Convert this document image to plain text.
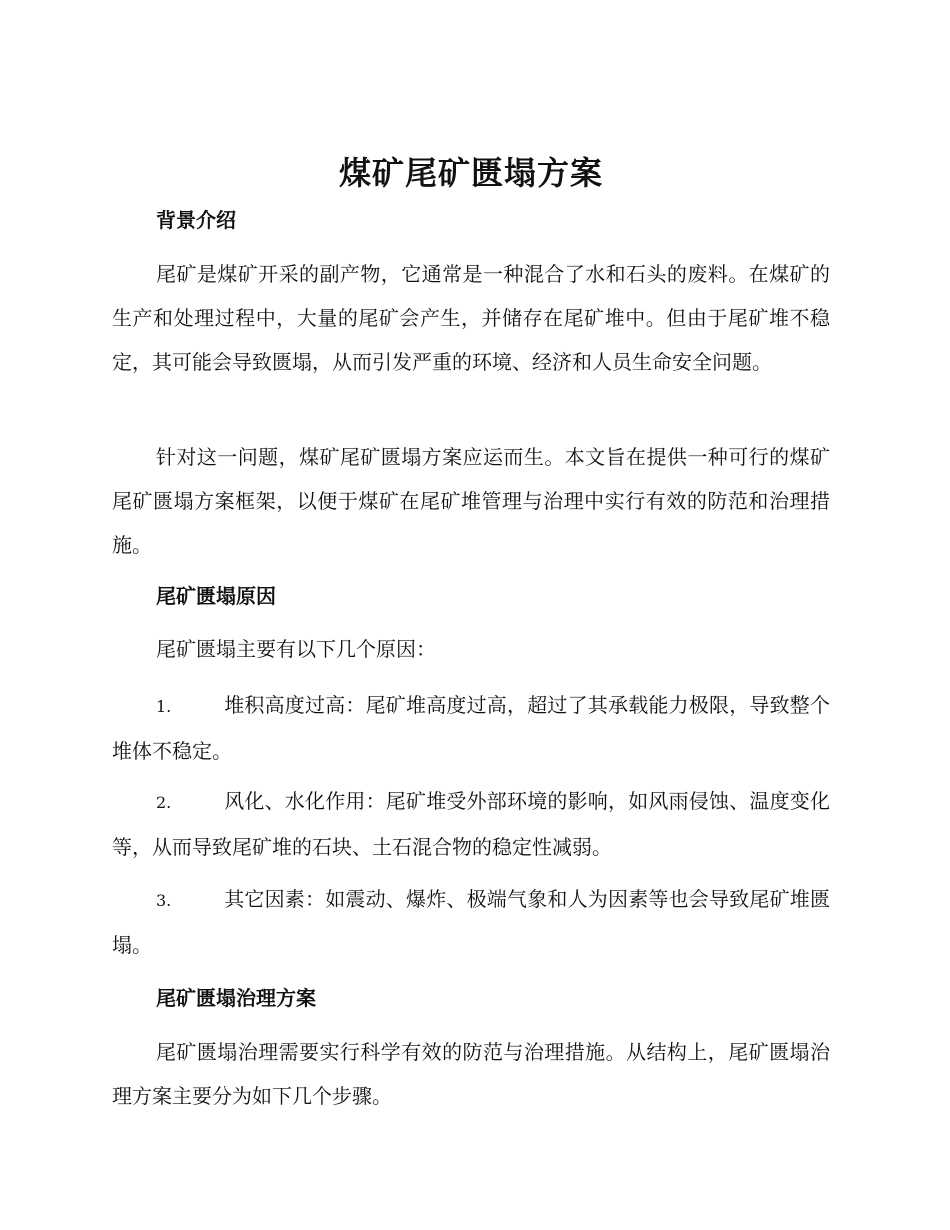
煤矿尾矿匮塌方案
背景介绍

尾矿是煤矿开采的副产物，它通常是一种混合了水和石头的废料。在煤矿的生产和处理过程中，大量的尾矿会产生，并储存在尾矿堆中。但由于尾矿堆不稳定，其可能会导致匮塌，从而引发严重的环境、经济和人员生命安全问题。

针对这一问题，煤矿尾矿匮塌方案应运而生。本文旨在提供一种可行的煤矿尾矿匮塌方案框架，以便于煤矿在尾矿堆管理与治理中实行有效的防范和治理措施。

尾矿匮塌原因

尾矿匮塌主要有以下几个原因：

1.	堆积高度过高：尾矿堆高度过高，超过了其承载能力极限，导致整个堆体不稳定。

2.	风化、水化作用：尾矿堆受外部环境的影响，如风雨侵蚀、温度变化等，从而导致尾矿堆的石块、土石混合物的稳定性减弱。

3.	其它因素：如震动、爆炸、极端气象和人为因素等也会导致尾矿堆匮塌。

尾矿匮塌治理方案

尾矿匮塌治理需要实行科学有效的防范与治理措施。从结构上，尾矿匮塌治理方案主要分为如下几个步骤。
